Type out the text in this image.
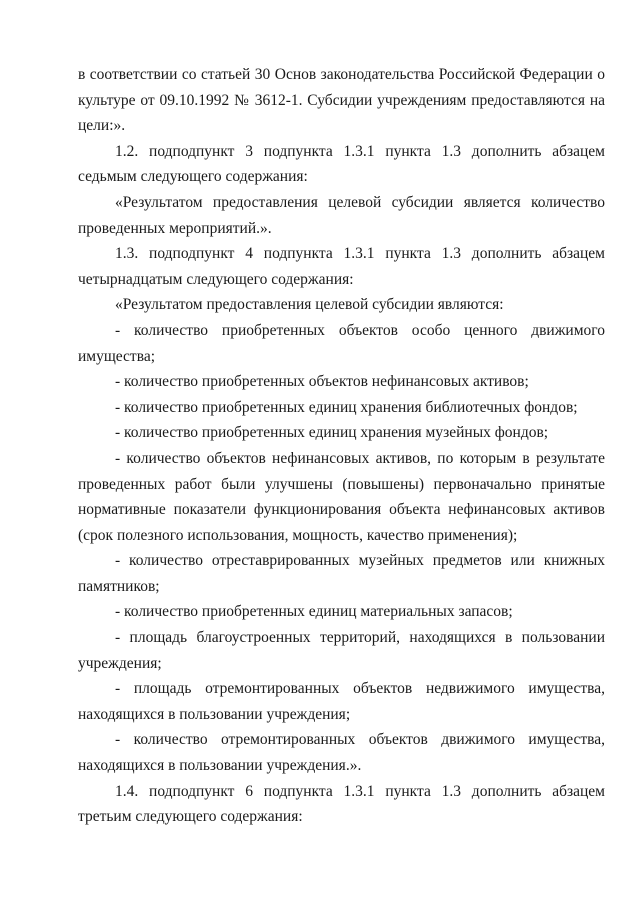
в соответствии со статьей 30 Основ законодательства Российской Федерации о культуре от 09.10.1992 № 3612-1. Субсидии учреждениям предоставляются на цели:».

1.2. подподпункт 3 подпункта 1.3.1 пункта 1.3 дополнить абзацем седьмым следующего содержания:

«Результатом предоставления целевой субсидии является количество проведенных мероприятий.».

1.3. подподпункт 4 подпункта 1.3.1 пункта 1.3 дополнить абзацем четырнадцатым следующего содержания:

«Результатом предоставления целевой субсидии являются:

- количество приобретенных объектов особо ценного движимого имущества;

- количество приобретенных объектов нефинансовых активов;

- количество приобретенных единиц хранения библиотечных фондов;

- количество приобретенных единиц хранения музейных фондов;

- количество объектов нефинансовых активов, по которым в результате проведенных работ были улучшены (повышены) первоначально принятые нормативные показатели функционирования объекта нефинансовых активов (срок полезного использования, мощность, качество применения);

- количество отреставрированных музейных предметов или книжных памятников;

- количество приобретенных единиц материальных запасов;

- площадь благоустроенных территорий, находящихся в пользовании учреждения;

- площадь отремонтированных объектов недвижимого имущества, находящихся в пользовании учреждения;

- количество отремонтированных объектов движимого имущества, находящихся в пользовании учреждения.».

1.4. подподпункт 6 подпункта 1.3.1 пункта 1.3 дополнить абзацем третьим следующего содержания:
